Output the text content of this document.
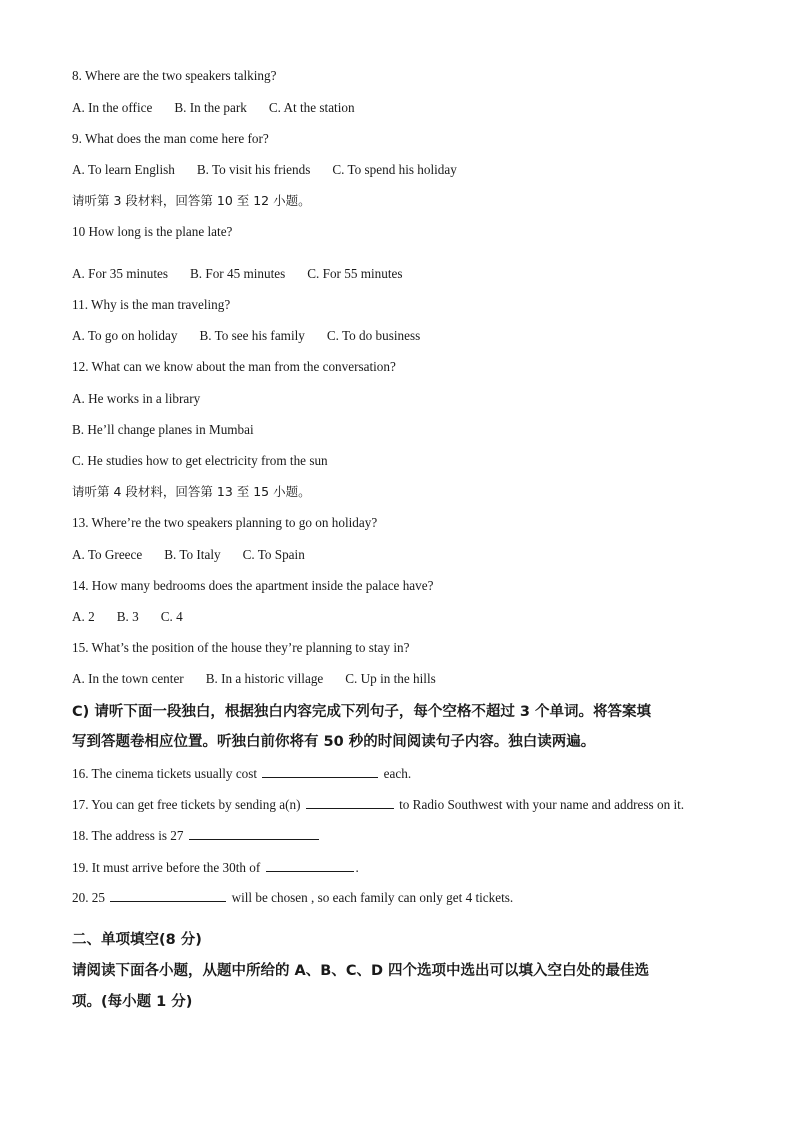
8. Where are the two speakers talking?
A. In the office B. In the park C. At the station
9. What does the man come here for?
A. To learn English B. To visit his friends C. To spend his holiday
请听第 3 段材料，回答第 10 至 12 小题。
10 How long is the plane late?
A. For 35 minutes B. For 45 minutes C. For 55 minutes
11. Why is the man traveling?
A. To go on holiday B. To see his family C. To do business
12. What can we know about the man from the conversation?
A. He works in a library
B. He’ll change planes in Mumbai
C. He studies how to get electricity from the sun
请听第 4 段材料，回答第 13 至 15 小题。
13. Where’re the two speakers planning to go on holiday?
A. To Greece B. To Italy C. To Spain
14. How many bedrooms does the apartment inside the palace have?
A. 2 B. 3 C. 4
15. What’s the position of the house they’re planning to stay in?
A. In the town center B. In a historic village C. Up in the hills
C) 请听下面一段独白，根据独白内容完成下列句子，每个空格不超过 3 个单词。将答案填
写到答题卷相应位置。听独白前你将有 50 秒的时间阅读句子内容。独白读两遍。
16. The cinema tickets usually cost	each.
17. You can get free tickets by sending a(n)	to Radio Southwest with your name and address on it.
18. The address is 27
19. It must arrive before the 30th of	.
20. 25	will be chosen , so each family can only get 4 tickets.
二、单项填空(8 分)
请阅读下面各小题，从题中所给的 A、B、C、D 四个选项中选出可以填入空白处的最佳选
项。(每小题 1 分)
